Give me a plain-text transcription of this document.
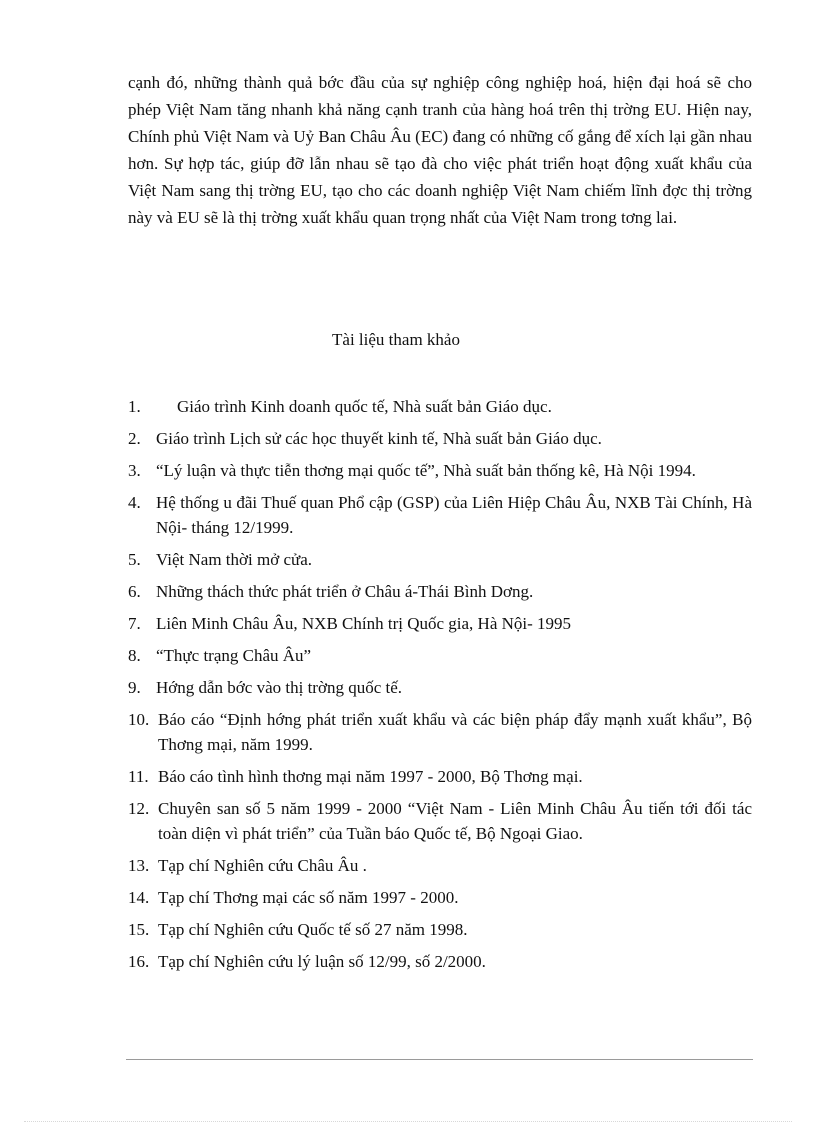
cạnh đó, những thành quả bớc đầu của sự nghiệp công nghiệp hoá, hiện đại hoá sẽ cho phép Việt Nam tăng nhanh khả năng cạnh tranh của hàng hoá trên thị trờng EU. Hiện nay, Chính phủ Việt Nam và Uỷ Ban Châu Âu (EC) đang có những cố gắng để xích lại gần nhau hơn. Sự hợp tác, giúp đỡ lẫn nhau sẽ tạo đà cho việc phát triển hoạt động xuất khẩu của Việt Nam sang thị trờng EU, tạo cho các doanh nghiệp Việt Nam chiếm lĩnh đợc thị trờng này và EU sẽ là thị trờng xuất khẩu quan trọng nhất của Việt Nam trong tơng lai.

Tài liệu tham khảo
1.	Giáo trình Kinh doanh quốc tế, Nhà suất bản Giáo dục.
2. Giáo trình Lịch sử các học thuyết kinh tế, Nhà suất bản Giáo dục.
3. “Lý luận và thực tiễn thơng mại quốc tế”, Nhà suất bản thống kê, Hà Nội 1994.
4. Hệ thống u đãi Thuế quan Phổ cập (GSP) của Liên Hiệp Châu Âu, NXB Tài Chính, Hà Nội- tháng 12/1999.
5. Việt Nam thời mở cửa.
6. Những thách thức phát triển ở Châu á-Thái Bình Dơng.
7. Liên Minh Châu Âu, NXB Chính trị Quốc gia, Hà Nội- 1995
8. “Thực trạng Châu Âu”
9. Hớng dẫn bớc vào thị trờng quốc tế.
10. Báo cáo “Định hớng phát triển xuất khẩu và các biện pháp đẩy mạnh xuất khẩu”, Bộ Thơng mại, năm 1999.
11. Báo cáo tình hình thơng mại năm 1997 - 2000, Bộ Thơng mại.
12. Chuyên san số 5 năm 1999 - 2000 “Việt Nam - Liên Minh Châu Âu tiến tới đối tác toàn diện vì phát triển” của Tuần báo Quốc tế, Bộ Ngoại Giao.
13. Tạp chí Nghiên cứu Châu Âu .
14. Tạp chí Thơng mại các số năm 1997 - 2000.
15. Tạp chí Nghiên cứu Quốc tế số 27 năm 1998.
16. Tạp chí Nghiên cứu lý luận số 12/99, số 2/2000.
